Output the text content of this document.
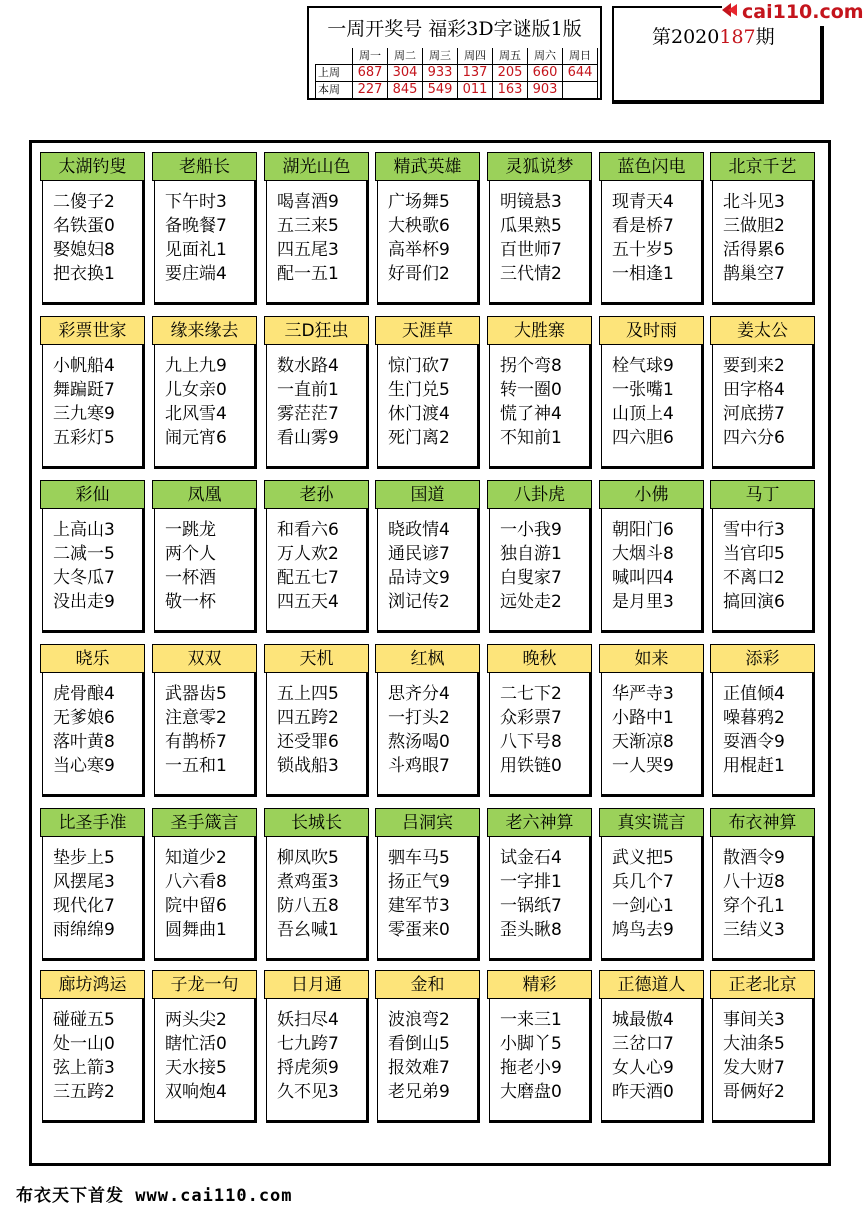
一周开奖号 福彩3D字谜版1版
	周一	周二	周三	周四	周五	周六	周日
上周	687	304	933	137	205	660	644
本周	227	845	549	011	163	903	
第2020187期
cai110.com
太湖钓叟
二傻子2
名铁蛋0
娶媳妇8
把衣换1
老船长
下午时3
备晚餐7
见面礼1
要庄端4
湖光山色
喝喜酒9
五三来5
四五尾3
配一五1
精武英雄
广场舞5
大秧歌6
高举杯9
好哥们2
灵狐说梦
明镜悬3
瓜果熟5
百世师7
三代情2
蓝色闪电
现青天4
看是桥7
五十岁5
一相逢1
北京千艺
北斗见3
三做胆2
活得累6
鹊巢空7
彩票世家
小帆船4
舞蹁跹7
三九寒9
五彩灯5
缘来缘去
九上九9
儿女亲0
北风雪4
闹元宵6
三D狂虫
数水路4
一直前1
雾茫茫7
看山雾9
天涯草
惊门砍7
生门兑5
休门渡4
死门离2
大胜寨
拐个弯8
转一圈0
慌了神4
不知前1
及时雨
栓气球9
一张嘴1
山顶上4
四六胆6
姜太公
要到来2
田字格4
河底捞7
四六分6
彩仙
上高山3
二减一5
大冬瓜7
没出走9
凤凰
一跳龙
两个人
一杯酒
敬一杯
老孙
和看六6
万人欢2
配五七7
四五天4
国道
晓政情4
通民谚7
品诗文9
浏记传2
八卦虎
一小我9
独自游1
白叟家7
远处走2
小佛
朝阳门6
大烟斗8
喊叫四4
是月里3
马丁
雪中行3
当官印5
不离口2
搞回演6
晓乐
虎骨酿4
无爹娘6
落叶黄8
当心寒9
双双
武器齿5
注意零2
有鹊桥7
一五和1
天机
五上四5
四五跨2
还受罪6
锁战船3
红枫
思齐分4
一打头2
熬汤喝0
斗鸡眼7
晚秋
二七下2
众彩票7
八下号8
用铁链0
如来
华严寺3
小路中1
天渐凉8
一人哭9
添彩
正值倾4
噪暮鸦2
耍酒令9
用棍赶1
比圣手准
垫步上5
风摆尾3
现代化7
雨绵绵9
圣手箴言
知道少2
八六看8
院中留6
圆舞曲1
长城长
柳凤吹5
煮鸡蛋3
防八五8
吾幺喊1
吕洞宾
驷车马5
扬正气9
建军节3
零蛋来0
老六神算
试金石4
一字排1
一锅纸7
歪头瞅8
真实谎言
武义把5
兵几个7
一剑心1
鸠鸟去9
布衣神算
散酒令9
八十迈8
穿个孔1
三结义3
廊坊鸿运
碰碰五5
处一山0
弦上箭3
三五跨2
子龙一句
两头尖2
瞎忙活0
天水接5
双响炮4
日月通
妖扫尽4
七九跨7
捋虎须9
久不见3
金和
波浪弯2
看倒山5
报效难7
老兄弟9
精彩
一来三1
小脚丫5
拖老小9
大磨盘0
正德道人
城最傲4
三岔口7
女人心9
昨天酒0
正老北京
事间关3
大油条5
发大财7
哥俩好2
布衣天下首发 www.cai110.com
